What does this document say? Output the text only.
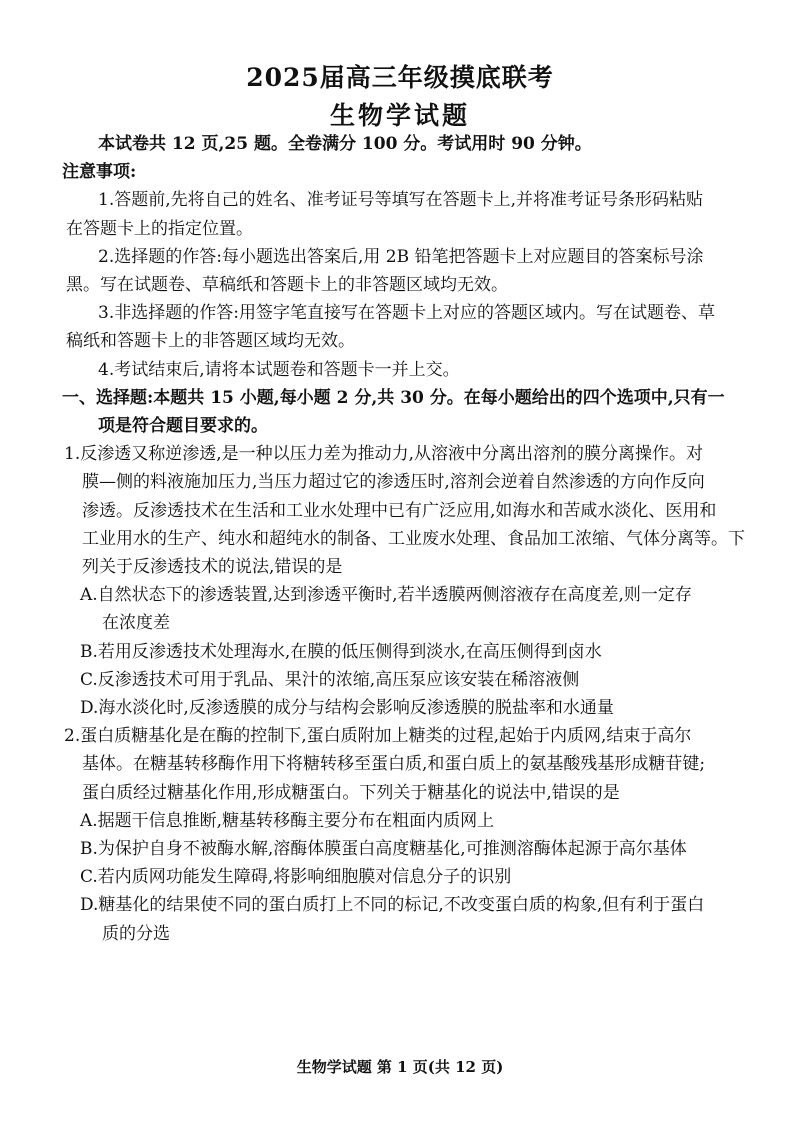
2025届高三年级摸底联考
生物学试题
本试卷共 12 页,25 题。全卷满分 100 分。考试用时 90 分钟。
注意事项:
1.答题前,先将自己的姓名、准考证号等填写在答题卡上,并将准考证号条形码粘贴
在答题卡上的指定位置。
2.选择题的作答:每小题选出答案后,用 2B 铅笔把答题卡上对应题目的答案标号涂
黑。写在试题卷、草稿纸和答题卡上的非答题区域均无效。
3.非选择题的作答:用签字笔直接写在答题卡上对应的答题区域内。写在试题卷、草
稿纸和答题卡上的非答题区域均无效。
4.考试结束后,请将本试题卷和答题卡一并上交。
一、选择题:本题共 15 小题,每小题 2 分,共 30 分。在每小题给出的四个选项中,只有一
项是符合题目要求的。
1.反渗透又称逆渗透,是一种以压力差为推动力,从溶液中分离出溶剂的膜分离操作。对
膜—侧的料液施加压力,当压力超过它的渗透压时,溶剂会逆着自然渗透的方向作反向
渗透。反渗透技术在生活和工业水处理中已有广泛应用,如海水和苦咸水淡化、医用和
工业用水的生产、纯水和超纯水的制备、工业废水处理、食品加工浓缩、气体分离等。下
列关于反渗透技术的说法,错误的是
A.自然状态下的渗透装置,达到渗透平衡时,若半透膜两侧溶液存在高度差,则一定存
在浓度差
B.若用反渗透技术处理海水,在膜的低压侧得到淡水,在高压侧得到卤水
C.反渗透技术可用于乳品、果汁的浓缩,高压泵应该安装在稀溶液侧
D.海水淡化时,反渗透膜的成分与结构会影响反渗透膜的脱盐率和水通量
2.蛋白质糖基化是在酶的控制下,蛋白质附加上糖类的过程,起始于内质网,结束于高尔
基体。在糖基转移酶作用下将糖转移至蛋白质,和蛋白质上的氨基酸残基形成糖苷键;
蛋白质经过糖基化作用,形成糖蛋白。下列关于糖基化的说法中,错误的是
A.据题干信息推断,糖基转移酶主要分布在粗面内质网上
B.为保护自身不被酶水解,溶酶体膜蛋白高度糖基化,可推测溶酶体起源于高尔基体
C.若内质网功能发生障碍,将影响细胞膜对信息分子的识别
D.糖基化的结果使不同的蛋白质打上不同的标记,不改变蛋白质的构象,但有利于蛋白
质的分选
生物学试题 第 1 页(共 12 页)
